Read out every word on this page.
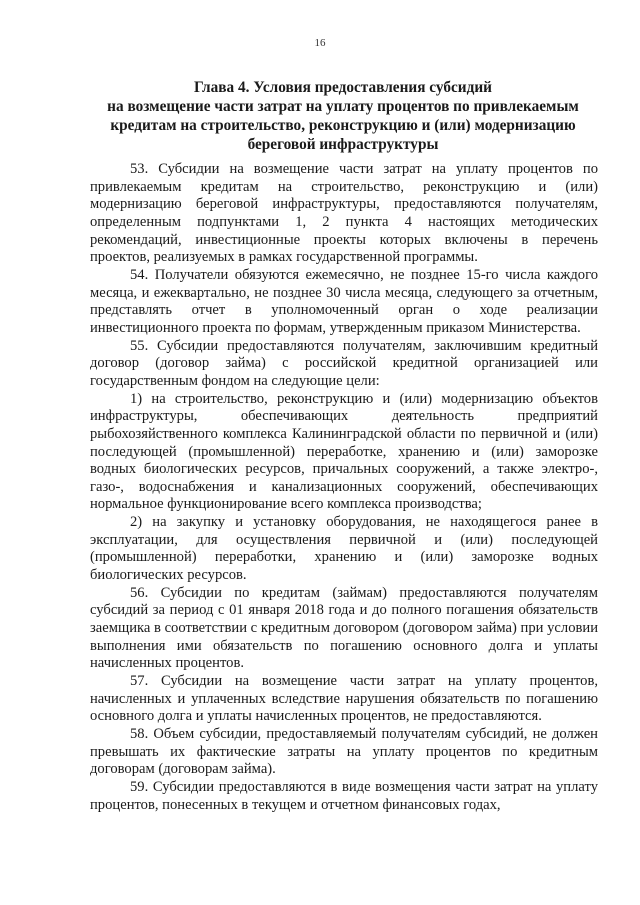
16
Глава 4. Условия предоставления субсидий
на возмещение части затрат на уплату процентов по привлекаемым
кредитам на строительство, реконструкцию и (или) модернизацию
береговой инфраструктуры

53. Субсидии на возмещение части затрат на уплату процентов по привлекаемым кредитам на строительство, реконструкцию и (или) модернизацию береговой инфраструктуры, предоставляются получателям, определенным подпунктами 1, 2 пункта 4 настоящих методических рекомендаций, инвестиционные проекты которых включены в перечень проектов, реализуемых в рамках государственной программы.

54. Получатели обязуются ежемесячно, не позднее 15-го числа каждого месяца, и ежеквартально, не позднее 30 числа месяца, следующего за отчетным, представлять отчет в уполномоченный орган о ходе реализации инвестиционного проекта по формам, утвержденным приказом Министерства.

55. Субсидии предоставляются получателям, заключившим кредитный договор (договор займа) с российской кредитной организацией или государственным фондом на следующие цели:

1) на строительство, реконструкцию и (или) модернизацию объектов инфраструктуры, обеспечивающих деятельность предприятий рыбохозяйственного комплекса Калининградской области по первичной и (или) последующей (промышленной) переработке, хранению и (или) заморозке водных биологических ресурсов, причальных сооружений, а также электро-, газо-, водоснабжения и канализационных сооружений, обеспечивающих нормальное функционирование всего комплекса производства;

2) на закупку и установку оборудования, не находящегося ранее в эксплуатации, для осуществления первичной и (или) последующей (промышленной) переработки, хранению и (или) заморозке водных биологических ресурсов.

56. Субсидии по кредитам (займам) предоставляются получателям субсидий за период с 01 января 2018 года и до полного погашения обязательств заемщика в соответствии с кредитным договором (договором займа) при условии выполнения ими обязательств по погашению основного долга и уплаты начисленных процентов.

57. Субсидии на возмещение части затрат на уплату процентов, начисленных и уплаченных вследствие нарушения обязательств по погашению основного долга и уплаты начисленных процентов, не предоставляются.

58. Объем субсидии, предоставляемый получателям субсидий, не должен превышать их фактические затраты на уплату процентов по кредитным договорам (договорам займа).

59. Субсидии предоставляются в виде возмещения части затрат на уплату процентов, понесенных в текущем и отчетном финансовых годах,
